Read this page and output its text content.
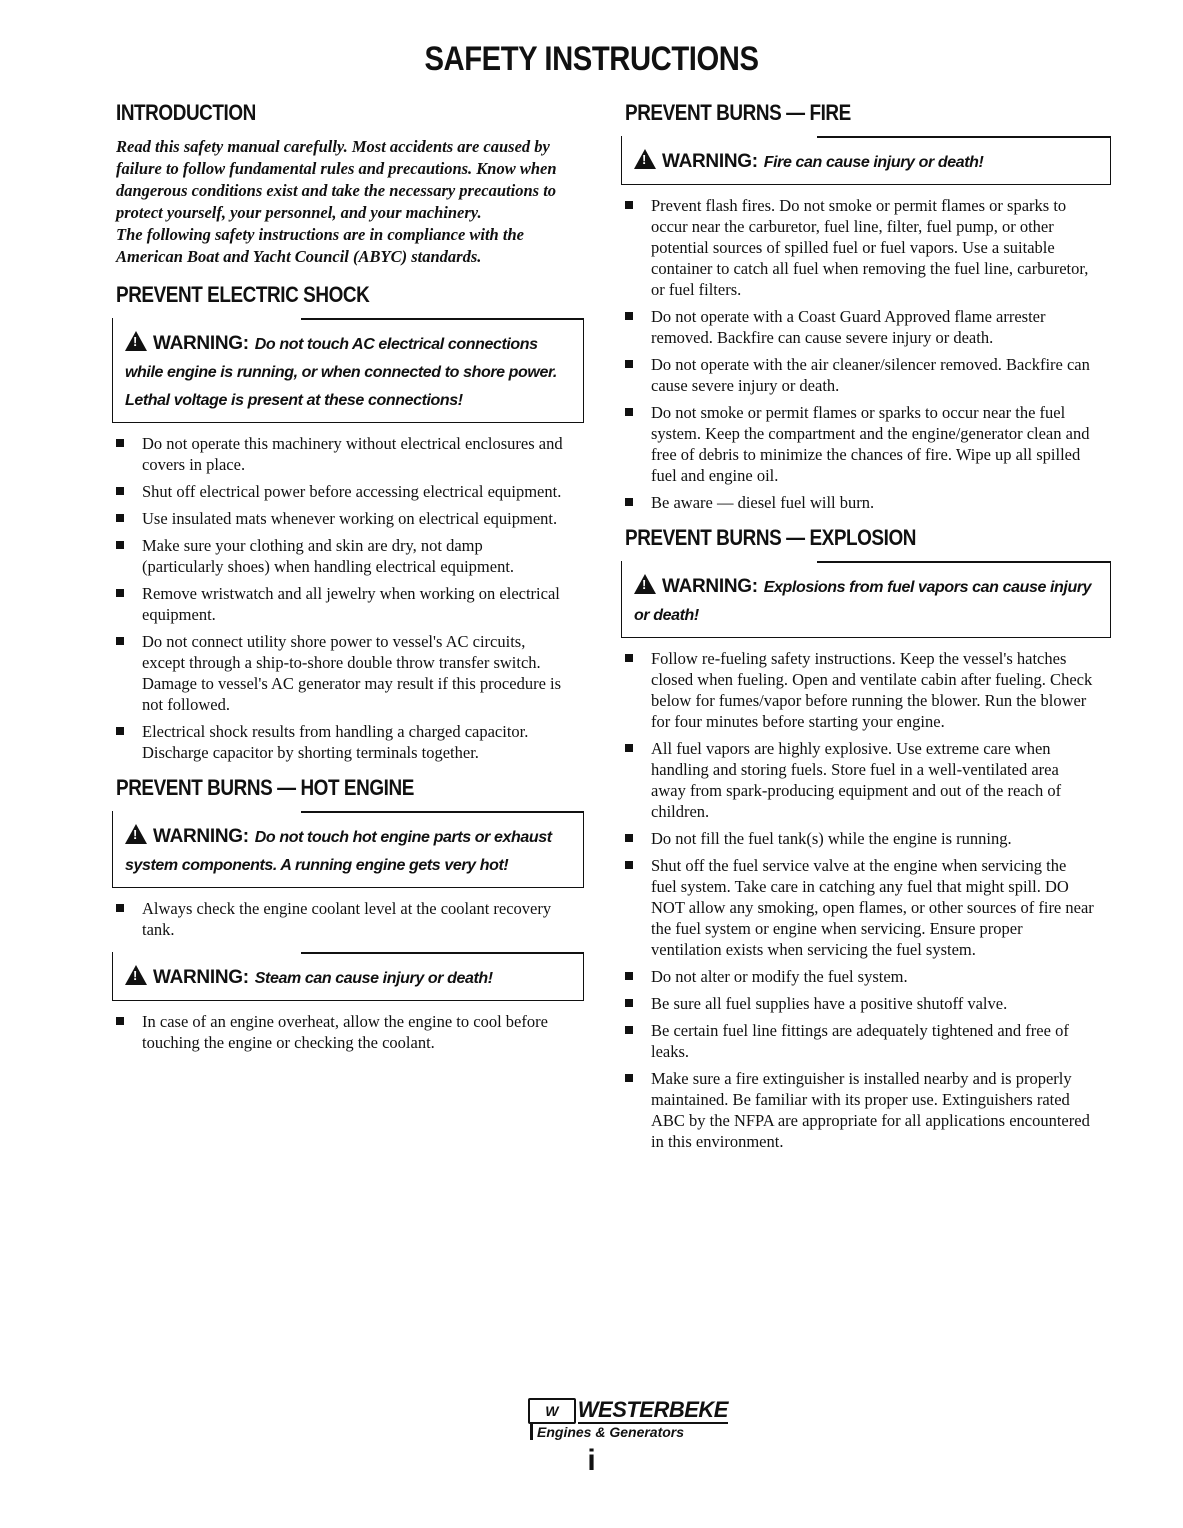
SAFETY INSTRUCTIONS
INTRODUCTION

Read this safety manual carefully. Most accidents are caused by failure to follow fundamental rules and precautions. Know when dangerous conditions exist and take the necessary precautions to protect yourself, your personnel, and your machinery.

The following safety instructions are in compliance with the American Boat and Yacht Council (ABYC) standards.

PREVENT ELECTRIC SHOCK
!WARNING: Do not touch AC electrical connections while engine is running, or when connected to shore power. Lethal voltage is present at these connections!
Do not operate this machinery without electrical enclosures and covers in place.
Shut off electrical power before accessing electrical equipment.
Use insulated mats whenever working on electrical equipment.
Make sure your clothing and skin are dry, not damp (particularly shoes) when handling electrical equipment.
Remove wristwatch and all jewelry when working on electrical equipment.
Do not connect utility shore power to vessel's AC circuits, except through a ship-to-shore double throw transfer switch. Damage to vessel's AC generator may result if this procedure is not followed.
Electrical shock results from handling a charged capacitor. Discharge capacitor by shorting terminals together.
PREVENT BURNS — HOT ENGINE
!WARNING: Do not touch hot engine parts or exhaust system components. A running engine gets very hot!
Always check the engine coolant level at the coolant recovery tank.
!WARNING: Steam can cause injury or death!
In case of an engine overheat, allow the engine to cool before touching the engine or checking the coolant.
PREVENT BURNS — FIRE
!WARNING: Fire can cause injury or death!
Prevent flash fires. Do not smoke or permit flames or sparks to occur near the carburetor, fuel line, filter, fuel pump, or other potential sources of spilled fuel or fuel vapors. Use a suitable container to catch all fuel when removing the fuel line, carburetor, or fuel filters.
Do not operate with a Coast Guard Approved flame arrester removed. Backfire can cause severe injury or death.
Do not operate with the air cleaner/silencer removed. Backfire can cause severe injury or death.
Do not smoke or permit flames or sparks to occur near the fuel system. Keep the compartment and the engine/generator clean and free of debris to minimize the chances of fire. Wipe up all spilled fuel and engine oil.
Be aware — diesel fuel will burn.
PREVENT BURNS — EXPLOSION
!WARNING: Explosions from fuel vapors can cause injury or death!
Follow re-fueling safety instructions. Keep the vessel's hatches closed when fueling. Open and ventilate cabin after fueling. Check below for fumes/vapor before running the blower. Run the blower for four minutes before starting your engine.
All fuel vapors are highly explosive. Use extreme care when handling and storing fuels. Store fuel in a well-ventilated area away from spark-producing equipment and out of the reach of children.
Do not fill the fuel tank(s) while the engine is running.
Shut off the fuel service valve at the engine when servicing the fuel system. Take care in catching any fuel that might spill. DO NOT allow any smoking, open flames, or other sources of fire near the fuel system or engine when servicing. Ensure proper ventilation exists when servicing the fuel system.
Do not alter or modify the fuel system.
Be sure all fuel supplies have a positive shutoff valve.
Be certain fuel line fittings are adequately tightened and free of leaks.
Make sure a fire extinguisher is installed nearby and is properly maintained. Be familiar with its proper use. Extinguishers rated ABC by the NFPA are appropriate for all applications encountered in this environment.
W WESTERBEKE
Engines & Generators
i
